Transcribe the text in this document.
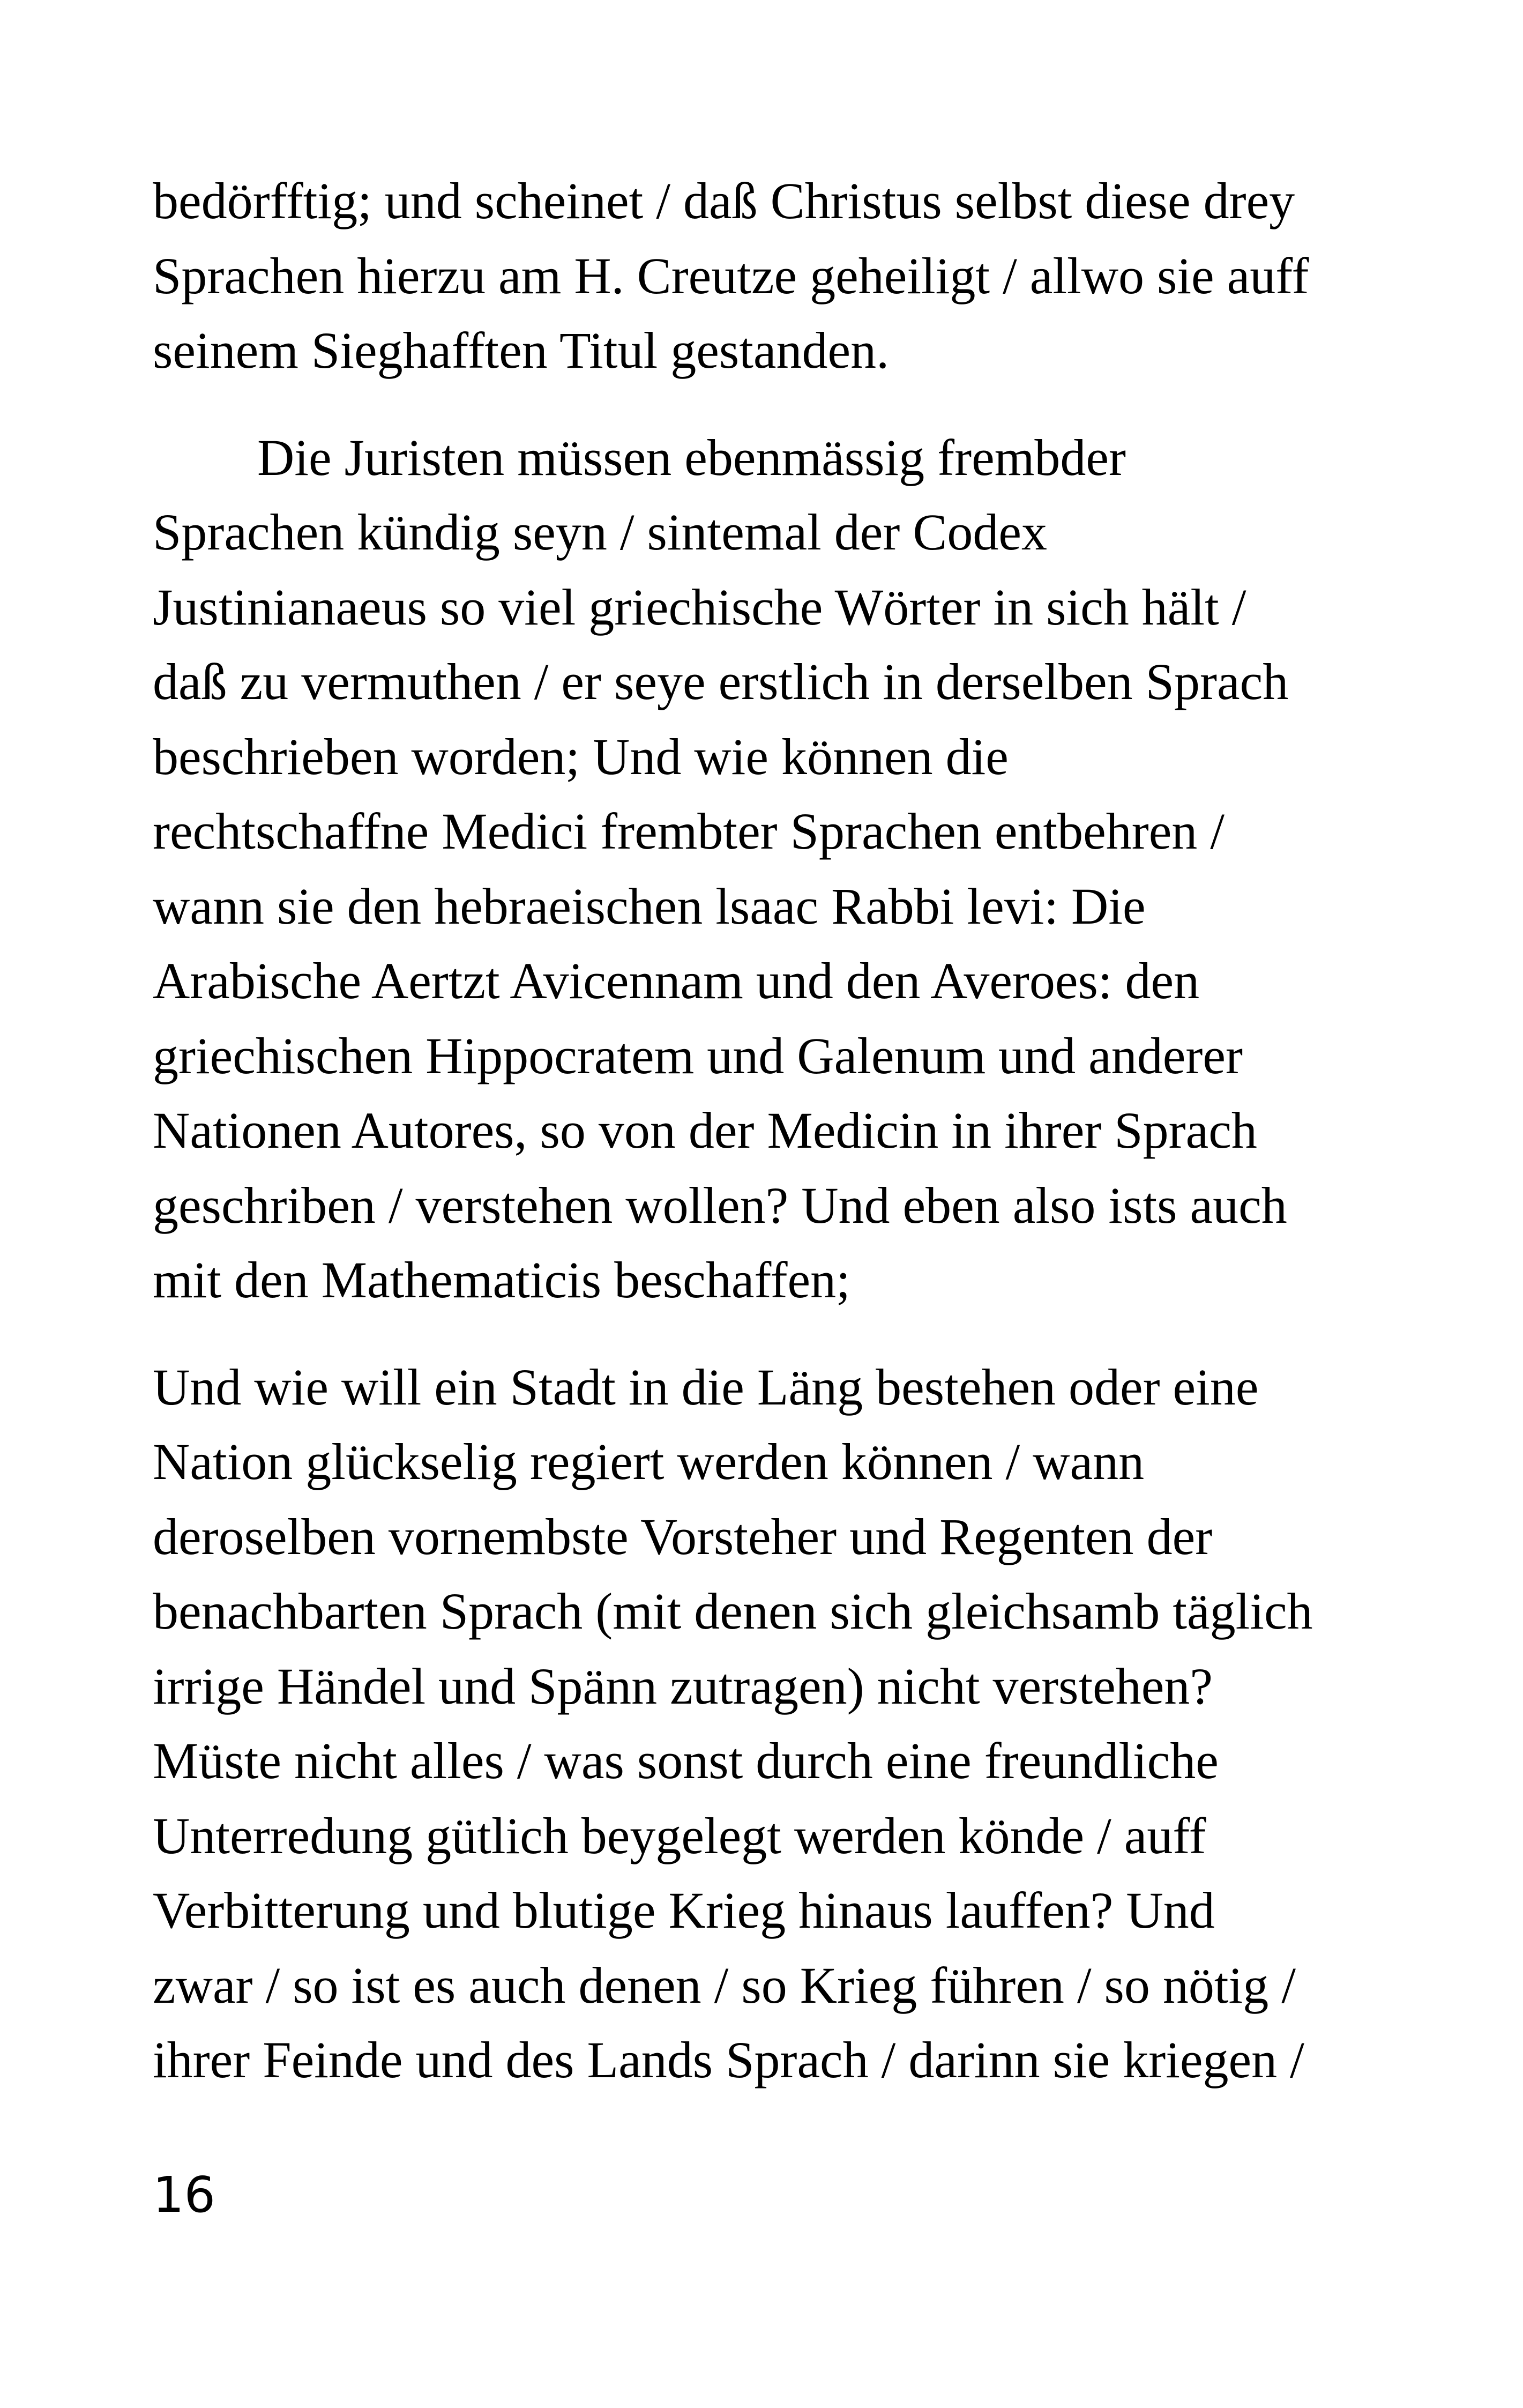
bedörfftig; und scheinet / daß Christus selbst diese drey
Sprachen hierzu am H. Creutze geheiligt / allwo sie auff
seinem Sieghafften Titul gestanden.

Die Juristen müssen ebenmässig frembder
Sprachen kündig seyn / sintemal der Codex
Justinianaeus so viel griechische Wörter in sich hält /
daß zu vermuthen / er seye erstlich in derselben Sprach
beschrieben worden; Und wie können die
rechtschaffne Medici frembter Sprachen entbehren /
wann sie den hebraeischen lsaac Rabbi levi: Die
Arabische Aertzt Avicennam und den Averoes: den
griechischen Hippocratem und Galenum und anderer
Nationen Autores, so von der Medicin in ihrer Sprach
geschriben / verstehen wollen? Und eben also ists auch
mit den Mathematicis beschaffen;

Und wie will ein Stadt in die Läng bestehen oder eine
Nation glückselig regiert werden können / wann
deroselben vornembste Vorsteher und Regenten der
benachbarten Sprach (mit denen sich gleichsamb täglich
irrige Händel und Spänn zutragen) nicht verstehen?
Müste nicht alles / was sonst durch eine freundliche
Unterredung gütlich beygelegt werden könde / auff
Verbitterung und blutige Krieg hinaus lauffen? Und
zwar / so ist es auch denen / so Krieg führen / so nötig /
ihrer Feinde und des Lands Sprach / darinn sie kriegen /

16
